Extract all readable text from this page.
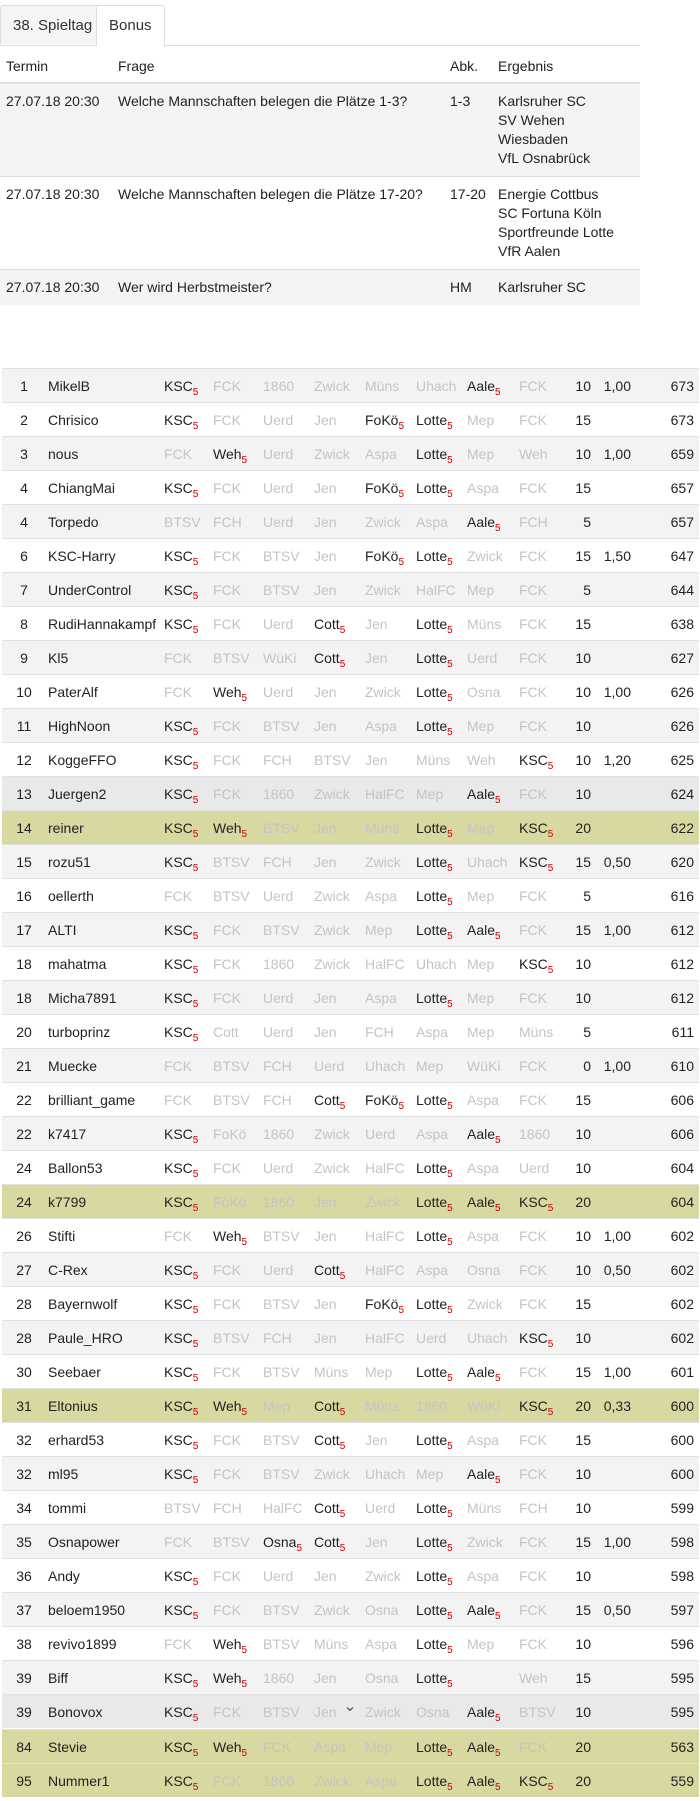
38. Spieltag	Bonus
Termin	Frage	Abk.	Ergebnis
27.07.18 20:30	Welche Mannschaften belegen die Plätze 1-3?	1-3	Karlsruher SC
SV Wehen Wiesbaden
VfL Osnabrück

27.07.18 20:30	Welche Mannschaften belegen die Plätze 17-20?	17-20	Energie Cottbus
SC Fortuna Köln
Sportfreunde Lotte
VfR Aalen

27.07.18 20:30	Wer wird Herbstmeister?	HM	Karlsruher SC
1	MikelB	$KSC_5$	FCK	1860	Zwick	Müns	Uhach	Aale$_5$	FCK	10	1,00	673
2	Chrisico	$KSC_5$	FCK	Uerd	Jen	FoKö$_5$	Lotte$_5$	Mep	FCK	15		673
3	nous	FCK	Weh$_5$	Uerd	Zwick	Aspa	Lotte$_5$	Mep	Weh	10	1,00	659
4	ChiangMai	$KSC_5$	FCK	Uerd	Jen	FoKö$_5$	Lotte$_5$	Aspa	FCK	15		657
4	Torpedo	BTSV	FCH	Uerd	Jen	Zwick	Aspa	Aale$_5$	FCH	5		657
6	KSC-Harry	$KSC_5$	FCK	BTSV	Jen	FoKö$_5$	Lotte$_5$	Zwick	FCK	15	1,50	647
7	UnderControl	$KSC_5$	FCK	BTSV	Jen	Zwick	HalFC	Mep	FCK	5		644
8	RudiHannakampf	$KSC_5$	FCK	Uerd	Cott$_5$	Jen	Lotte$_5$	Müns	FCK	15		638
9	Kl5	FCK	BTSV	WüKi	Cott$_5$	Jen	Lotte$_5$	Uerd	FCK	10		627
10	PaterAlf	FCK	Weh$_5$	Uerd	Jen	Zwick	Lotte$_5$	Osna	FCK	10	1,00	626
11	HighNoon	$KSC_5$	FCK	BTSV	Jen	Aspa	Lotte$_5$	Mep	FCK	10		626
12	KoggeFFO	$KSC_5$	FCK	FCH	BTSV	Jen	Müns	Weh	$KSC_5$	10	1,20	625
13	Juergen2	$KSC_5$	FCK	1860	Zwick	HalFC	Mep	Aale$_5$	FCK	10		624
14	reiner	$KSC_5$	Weh$_5$	BTSV	Jen	Müns	Lotte$_5$	Mep	$KSC_5$	20		622
15	rozu51	$KSC_5$	BTSV	FCH	Jen	Zwick	Lotte$_5$	Uhach	$KSC_5$	15	0,50	620
16	oellerth	FCK	BTSV	Uerd	Zwick	Aspa	Lotte$_5$	Mep	FCK	5		616
17	ALTI	$KSC_5$	FCK	BTSV	Zwick	Mep	Lotte$_5$	Aale$_5$	FCK	15	1,00	612
18	mahatma	$KSC_5$	FCK	1860	Zwick	HalFC	Uhach	Mep	$KSC_5$	10		612
18	Micha7891	$KSC_5$	FCK	Uerd	Jen	Aspa	Lotte$_5$	Mep	FCK	10		612
20	turboprinz	$KSC_5$	Cott	Uerd	Jen	FCH	Aspa	Mep	Müns	5		611
21	Muecke	FCK	BTSV	FCH	Uerd	Uhach	Mep	WüKi	FCK	0	1,00	610
22	brilliant_game	FCK	BTSV	FCH	Cott$_5$	FoKö$_5$	Lotte$_5$	Aspa	FCK	15		606
22	k7417	$KSC_5$	FoKö	1860	Zwick	Uerd	Aspa	Aale$_5$	1860	10		606
24	Ballon53	$KSC_5$	FCK	Uerd	Zwick	HalFC	Lotte$_5$	Aspa	Uerd	10		604
24	k7799	$KSC_5$	FoKö	1860	Jen	Zwick	Lotte$_5$	Aale$_5$	$KSC_5$	20		604
26	Stifti	FCK	Weh$_5$	BTSV	Jen	HalFC	Lotte$_5$	Aspa	FCK	10	1,00	602
27	C-Rex	$KSC_5$	FCK	Uerd	Cott$_5$	HalFC	Aspa	Osna	FCK	10	0,50	602
28	Bayernwolf	$KSC_5$	FCK	BTSV	Jen	FoKö$_5$	Lotte$_5$	Zwick	FCK	15		602
28	Paule_HRO	$KSC_5$	BTSV	FCH	Jen	HalFC	Uerd	Uhach	$KSC_5$	10		602
30	Seebaer	$KSC_5$	FCK	BTSV	Müns	Mep	Lotte$_5$	Aale$_5$	FCK	15	1,00	601
31	Eltonius	$KSC_5$	Weh$_5$	Mep	Cott$_5$	Müns	1860	WüKi	$KSC_5$	20	0,33	600
32	erhard53	$KSC_5$	FCK	BTSV	Cott$_5$	Jen	Lotte$_5$	Aspa	FCK	15		600
32	ml95	$KSC_5$	FCK	BTSV	Zwick	Uhach	Mep	Aale$_5$	FCK	10		600
34	tommi	BTSV	FCH	HalFC	Cott$_5$	Uerd	Lotte$_5$	Müns	FCH	10		599
35	Osnapower	FCK	BTSV	Osna$_5$	Cott$_5$	Jen	Lotte$_5$	Zwick	FCK	15	1,00	598
36	Andy	$KSC_5$	FCK	Uerd	Jen	Zwick	Lotte$_5$	Aspa	FCK	10		598
37	beloem1950	$KSC_5$	FCK	BTSV	Zwick	Osna	Lotte$_5$	Aale$_5$	FCK	15	0,50	597
38	revivo1899	FCK	Weh$_5$	BTSV	Müns	Aspa	Lotte$_5$	Mep	FCK	10		596
39	Biff	$KSC_5$	Weh$_5$	1860	Jen	Osna	Lotte$_5$		Weh	15		595
39	Bonovox	$KSC_5$	FCK	BTSV	Jen	Zwick	Osna	Aale$_5$	BTSV	10		595
⌄
84	Stevie	$KSC_5$	Weh$_5$	FCK	Aspa	Mep	Lotte$_5$	Aale$_5$	FCK	20		563
95	Nummer1	$KSC_5$	FCK	1860	Zwick	Aspa	Lotte$_5$	Aale$_5$	$KSC_5$	20		559
